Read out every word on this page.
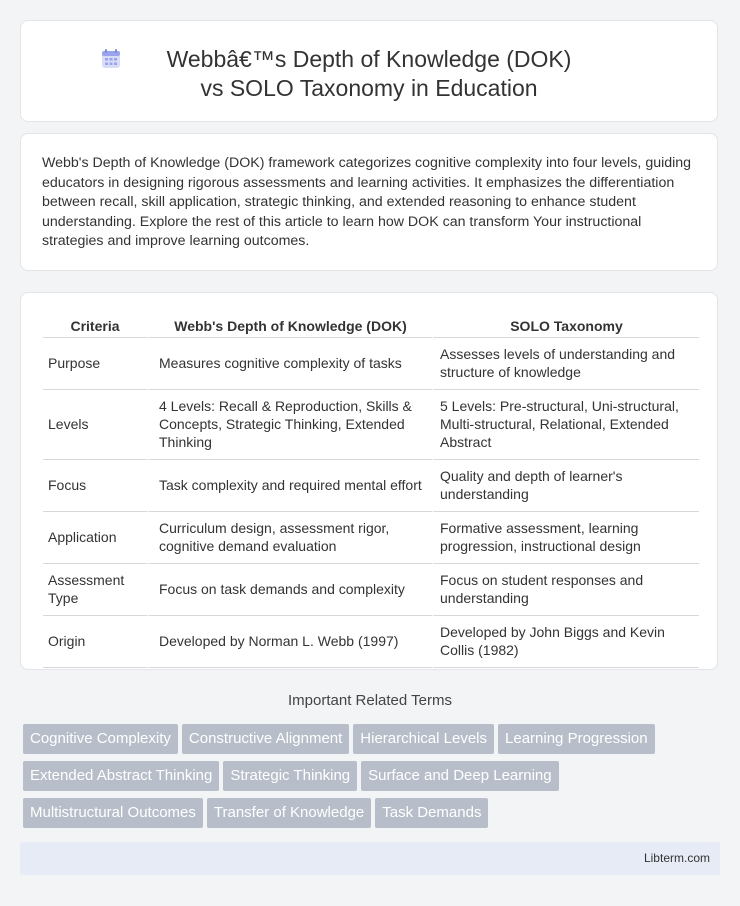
Webbâ€™s Depth of Knowledge (DOK) vs SOLO Taxonomy in Education
Webb's Depth of Knowledge (DOK) framework categorizes cognitive complexity into four levels, guiding educators in designing rigorous assessments and learning activities. It emphasizes the differentiation between recall, skill application, strategic thinking, and extended reasoning to enhance student understanding. Explore the rest of this article to learn how DOK can transform Your instructional strategies and improve learning outcomes.
Criteria	Webb's Depth of Knowledge (DOK)	SOLO Taxonomy
Purpose	Measures cognitive complexity of tasks	Assesses levels of understanding and structure of knowledge
Levels	4 Levels: Recall & Reproduction, Skills & Concepts, Strategic Thinking, Extended Thinking	5 Levels: Pre-structural, Uni-structural, Multi-structural, Relational, Extended Abstract
Focus	Task complexity and required mental effort	Quality and depth of learner's understanding
Application	Curriculum design, assessment rigor, cognitive demand evaluation	Formative assessment, learning progression, instructional design
Assessment Type	Focus on task demands and complexity	Focus on student responses and understanding
Origin	Developed by Norman L. Webb (1997)	Developed by John Biggs and Kevin Collis (1982)
Important Related Terms
Cognitive Complexity Constructive Alignment Hierarchical Levels Learning Progression
Extended Abstract Thinking Strategic Thinking Surface and Deep Learning
Multistructural Outcomes Transfer of Knowledge Task Demands
Libterm.com
